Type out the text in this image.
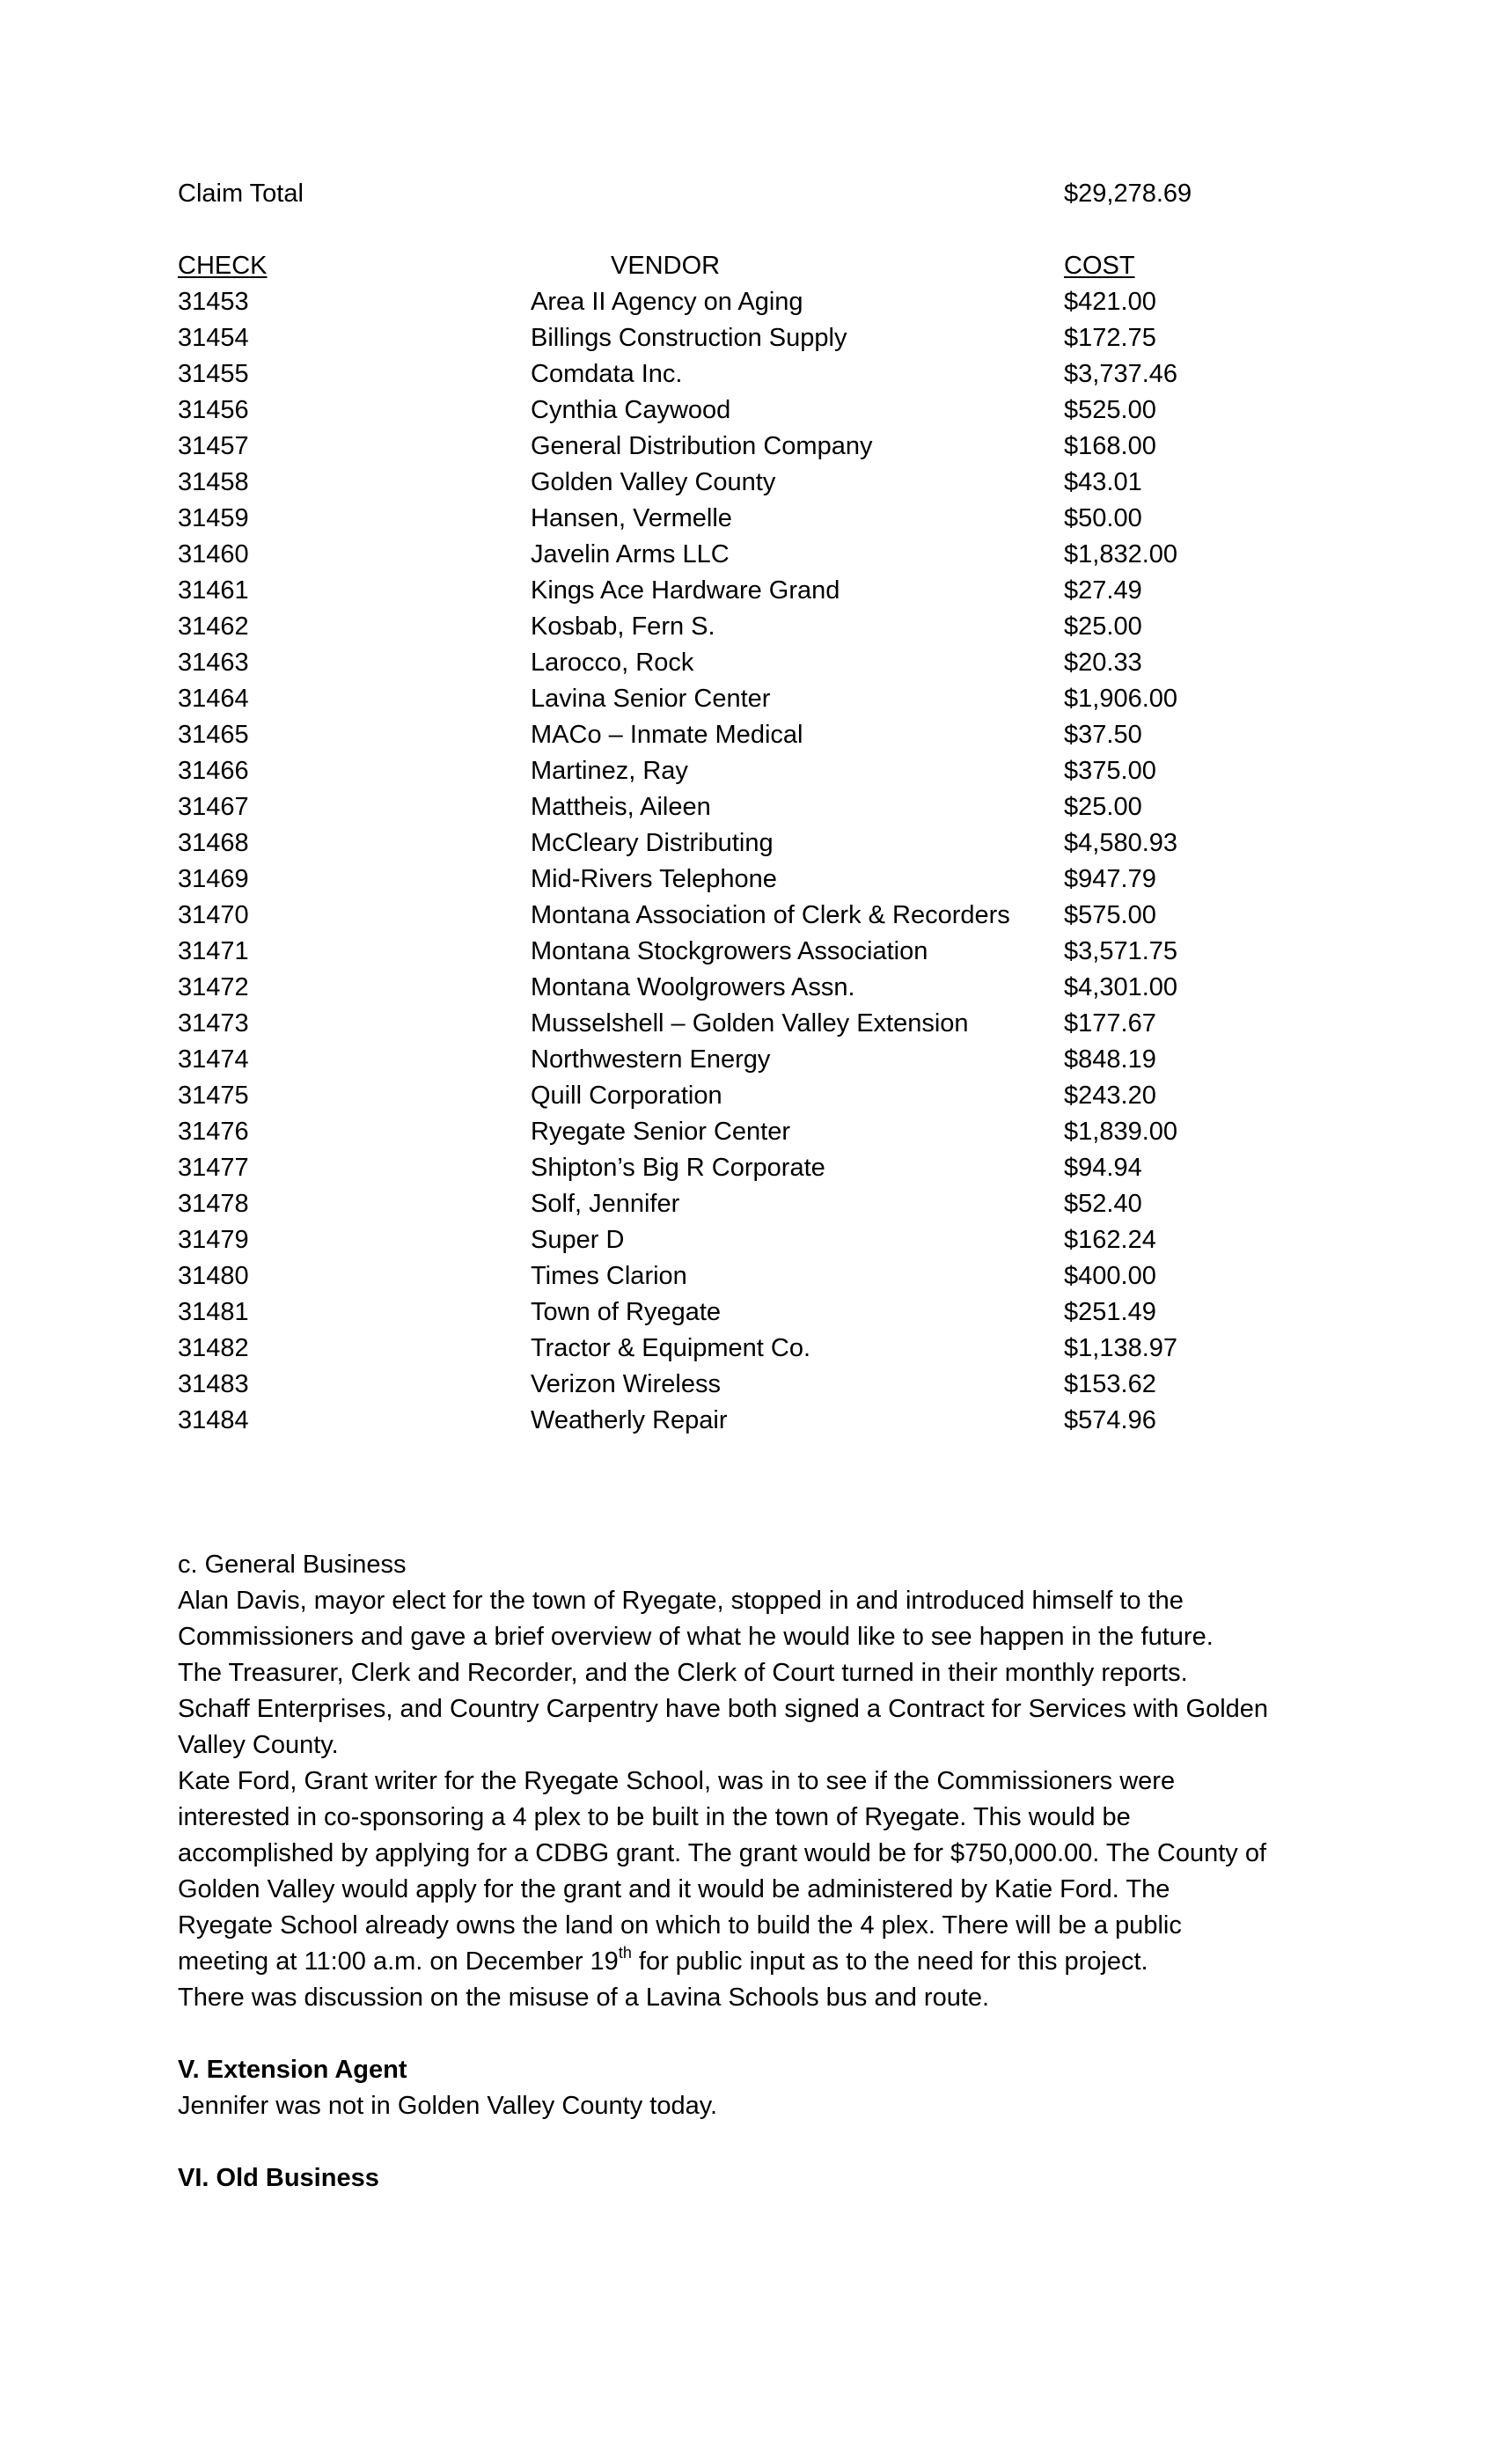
Claim Total	$29,278.69
CHECK	VENDOR	COST
31453	Area II Agency on Aging	$421.00
31454	Billings Construction Supply	$172.75
31455	Comdata Inc.	$3,737.46
31456	Cynthia Caywood	$525.00
31457	General Distribution Company	$168.00
31458	Golden Valley County	$43.01
31459	Hansen, Vermelle	$50.00
31460	Javelin Arms LLC	$1,832.00
31461	Kings Ace Hardware Grand	$27.49
31462	Kosbab, Fern S.	$25.00
31463	Larocco, Rock	$20.33
31464	Lavina Senior Center	$1,906.00
31465	MACo – Inmate Medical	$37.50
31466	Martinez, Ray	$375.00
31467	Mattheis, Aileen	$25.00
31468	McCleary Distributing	$4,580.93
31469	Mid-Rivers Telephone	$947.79
31470	Montana Association of Clerk & Recorders $575.00
31471	Montana Stockgrowers Association	$3,571.75
31472	Montana Woolgrowers Assn.	$4,301.00
31473	Musselshell – Golden Valley Extension	$177.67
31474	Northwestern Energy	$848.19
31475	Quill Corporation	$243.20
31476	Ryegate Senior Center	$1,839.00
31477	Shipton’s Big R Corporate	$94.94
31478	Solf, Jennifer	$52.40
31479	Super D	$162.24
31480	Times Clarion	$400.00
31481	Town of Ryegate	$251.49
31482	Tractor & Equipment Co.	$1,138.97
31483	Verizon Wireless	$153.62
31484	Weatherly Repair	$574.96

c. General Business

Alan Davis, mayor elect for the town of Ryegate, stopped in and introduced himself to the

Commissioners and gave a brief overview of what he would like to see happen in the future.

The Treasurer, Clerk and Recorder, and the Clerk of Court turned in their monthly reports.

Schaff Enterprises, and Country Carpentry have both signed a Contract for Services with Golden

Valley County.

Kate Ford, Grant writer for the Ryegate School, was in to see if the Commissioners were

interested in co-sponsoring a 4 plex to be built in the town of Ryegate. This would be

accomplished by applying for a CDBG grant. The grant would be for $750,000.00. The County of

Golden Valley would apply for the grant and it would be administered by Katie Ford. The

Ryegate School already owns the land on which to build the 4 plex. There will be a public

meeting at 11:00 a.m. on December 19th for public input as to the need for this project.

There was discussion on the misuse of a Lavina Schools bus and route.

V. Extension Agent

Jennifer was not in Golden Valley County today.

VI. Old Business
